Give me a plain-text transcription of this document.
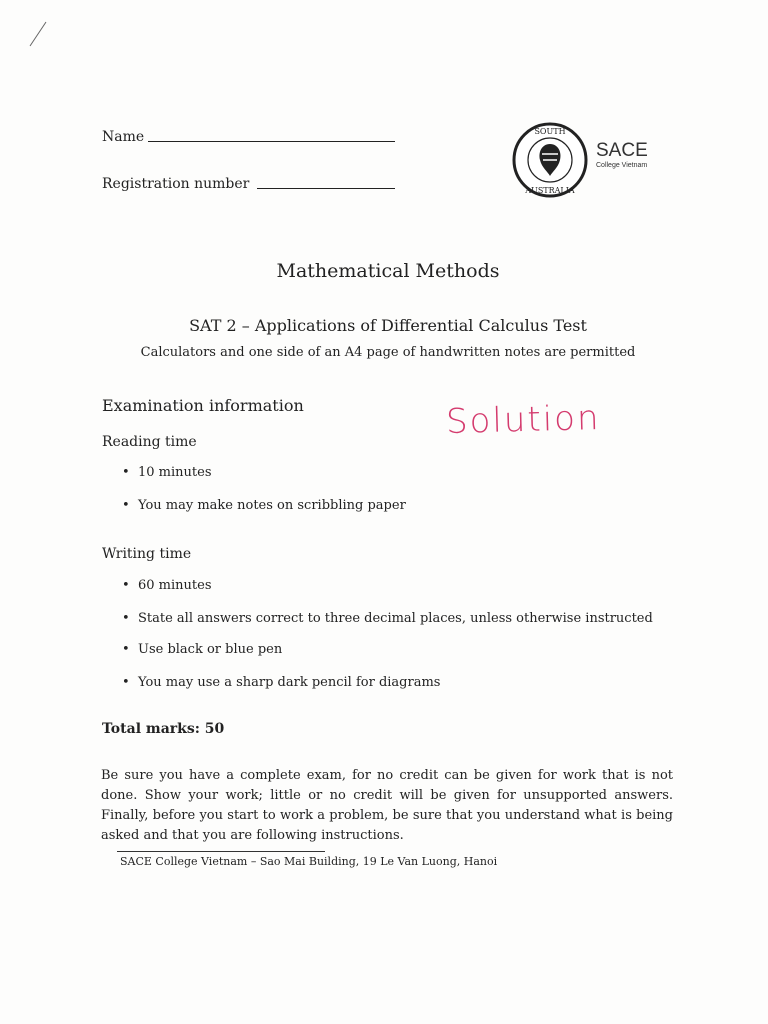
Name
Registration number
SOUTH
AUSTRALIA
SACE
College Vietnam
Mathematical Methods
SAT 2 – Applications of Differential Calculus Test
Calculators and one side of an A4 page of handwritten notes are permitted
Examination information	Solution
Reading time
• 10 minutes
• You may make notes on scribbling paper
Writing time
• 60 minutes
• State all answers correct to three decimal places, unless otherwise instructed
• Use black or blue pen
• You may use a sharp dark pencil for diagrams
Total marks: 50
Be sure you have a complete exam, for no credit can be given for work that is not done. Show your work; little or no credit will be given for unsupported answers. Finally, before you start to work a problem, be sure that you understand what is being asked and that you are following instructions.
SACE College Vietnam – Sao Mai Building, 19 Le Van Luong, Hanoi
